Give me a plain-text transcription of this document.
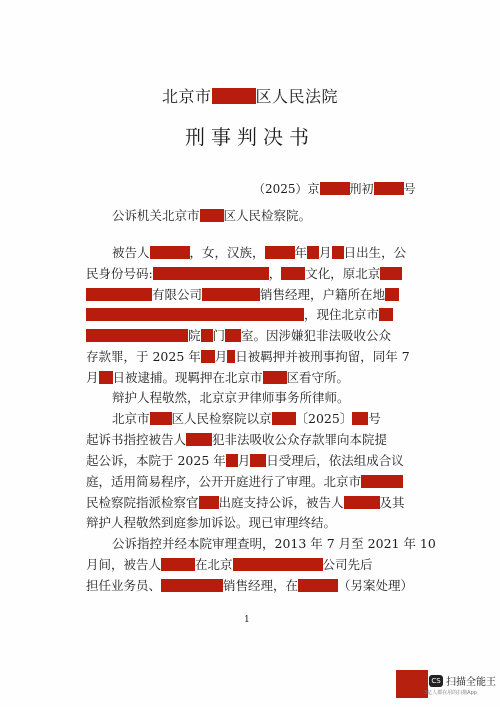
北京市	区人民法院
刑事判决书
（2025）京	刑初	号
公诉机关北京市 区人民检察院。
被告人	，女，汉族， 年 月 日出生，公
民身份号码:	， 文化，原北京
有限公司	销售经理，户籍所在地
，现住北京市
院 门 室。因涉嫌犯非法吸收公众
存款罪，于 2025 年 月 日被羁押并被刑事拘留，同年 7
月 日被逮捕。现羁押在北京市 区看守所。
辩护人程敬然，北京京尹律师事务所律师。
北京市 区人民检察院以京 〔2025〕 号
起诉书指控被告人 犯非法吸收公众存款罪向本院提
起公诉，本院于 2025 年 月 日受理后，依法组成合议
庭，适用简易程序，公开开庭进行了审理。北京市
民检察院指派检察官 出庭支持公诉，被告人	及其
辩护人程敬然到庭参加诉讼。现已审理终结。
公诉指控并经本院审理查明，2013 年 7 月至 2021 年 10
月间，被告人	在北京	公司先后
担任业务员、	销售经理，在	（另案处理）
1
CS 扫描全能王
3亿人都在用的扫描App
